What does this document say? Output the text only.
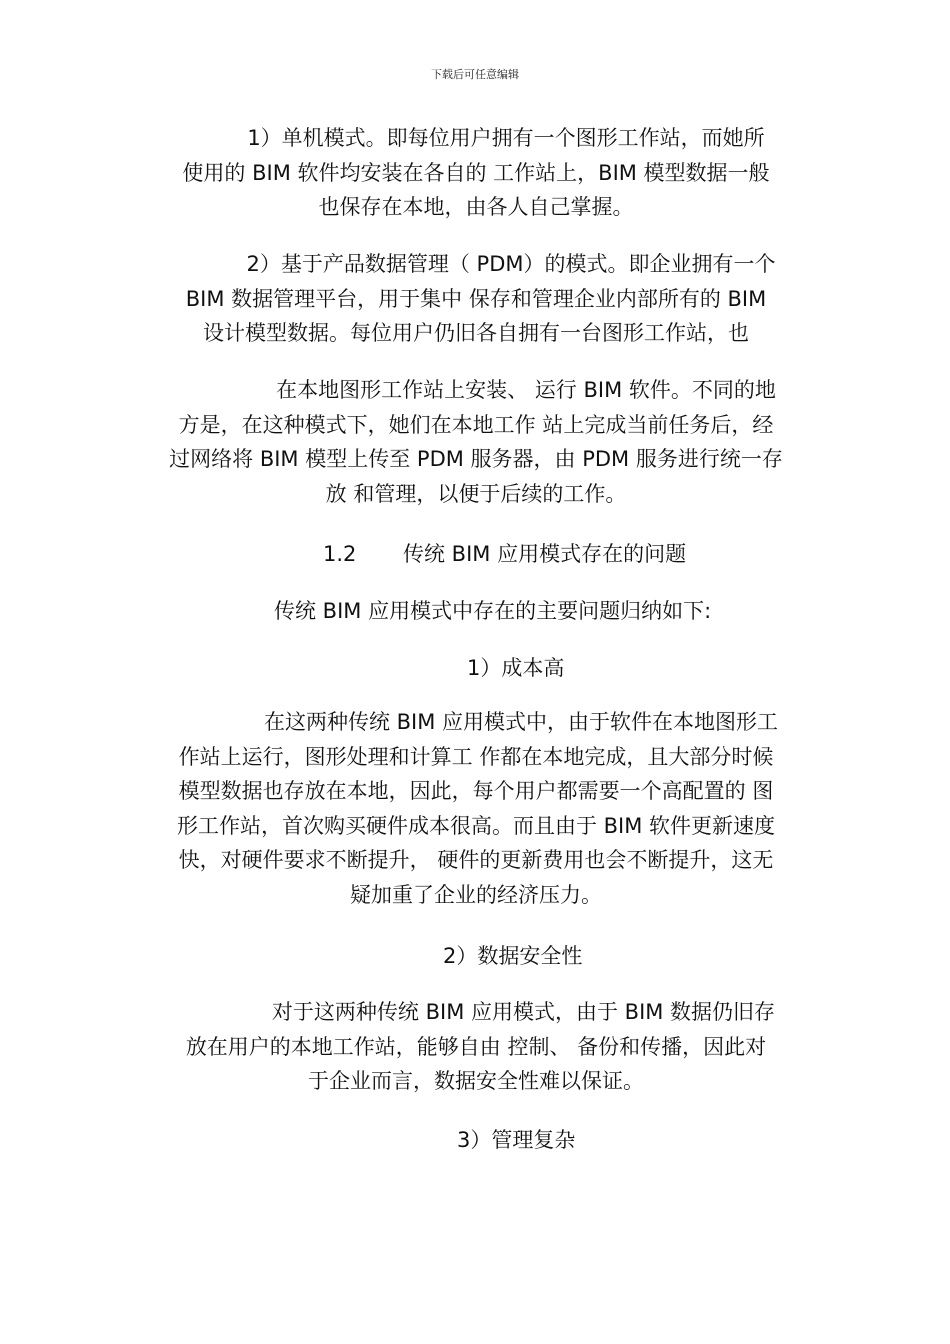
下载后可任意编辑

1）单机模式。即每位用户拥有一个图形工作站，而她所
使用的 BIM 软件均安装在各自的 工作站上，BIM 模型数据一般
也保存在本地，由各人自己掌握。

2）基于产品数据管理（ PDM）的模式。即企业拥有一个
BIM 数据管理平台，用于集中 保存和管理企业内部所有的 BIM
设计模型数据。每位用户仍旧各自拥有一台图形工作站，也

在本地图形工作站上安装、 运行 BIM 软件。不同的地
方是，在这种模式下，她们在本地工作 站上完成当前任务后，经
过网络将 BIM 模型上传至 PDM 服务器，由 PDM 服务进行统一存
放 和管理，以便于后续的工作。

1.2 传统 BIM 应用模式存在的问题
传统 BIM 应用模式中存在的主要问题归纳如下:
1）成本高

在这两种传统 BIM 应用模式中，由于软件在本地图形工
作站上运行，图形处理和计算工 作都在本地完成，且大部分时候
模型数据也存放在本地，因此，每个用户都需要一个高配置的 图
形工作站，首次购买硬件成本很高。而且由于 BIM 软件更新速度
快，对硬件要求不断提升， 硬件的更新费用也会不断提升，这无
疑加重了企业的经济压力。

2）数据安全性

对于这两种传统 BIM 应用模式，由于 BIM 数据仍旧存
放在用户的本地工作站，能够自由 控制、 备份和传播，因此对
于企业而言，数据安全性难以保证。

3）管理复杂
